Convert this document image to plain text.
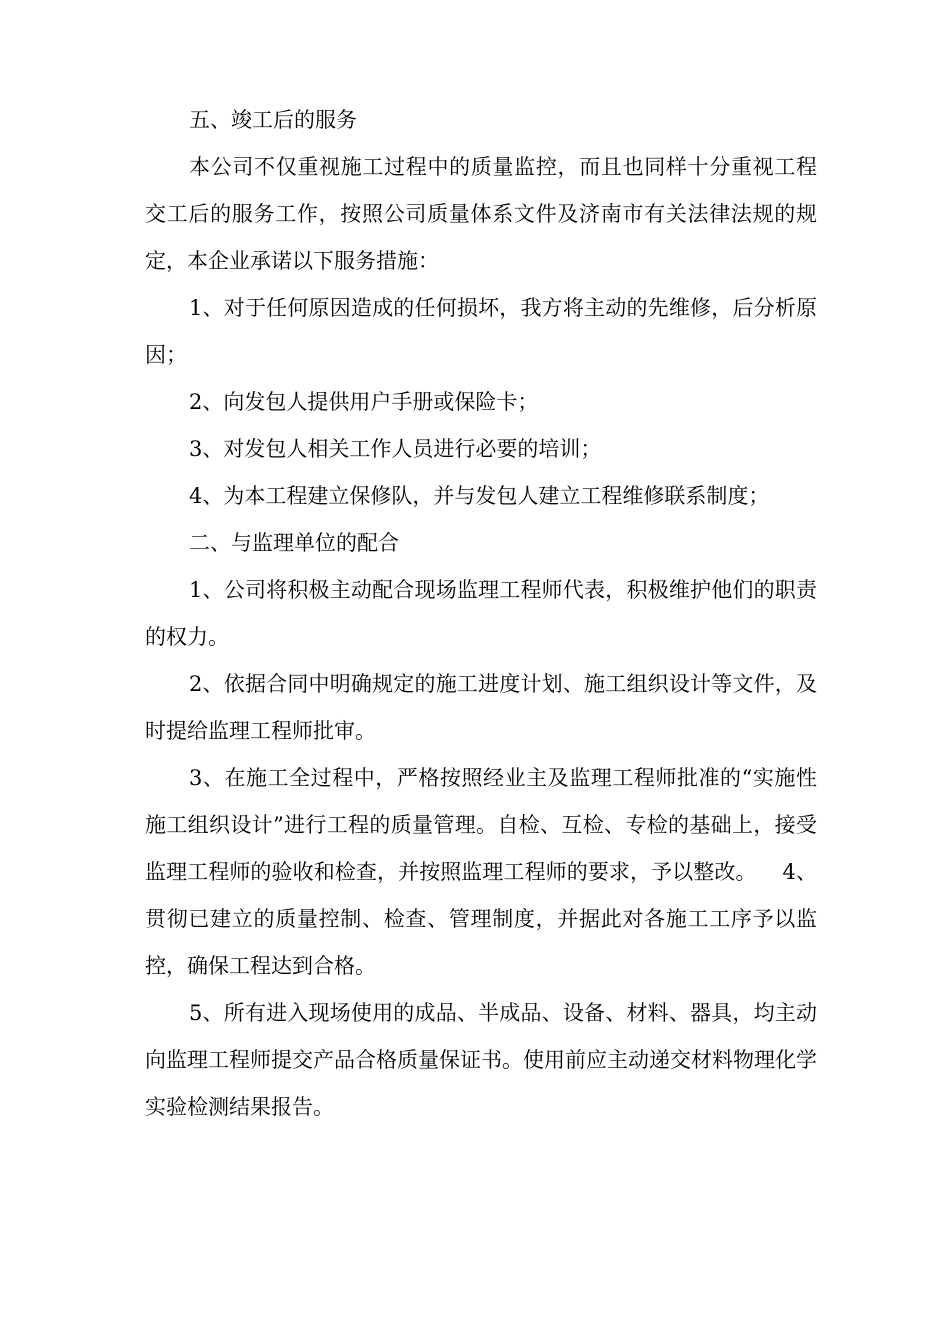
五、竣工后的服务

本公司不仅重视施工过程中的质量监控，而且也同样十分重视工程交工后的服务工作，按照公司质量体系文件及济南市有关法律法规的规定，本企业承诺以下服务措施：

1、对于任何原因造成的任何损坏，我方将主动的先维修，后分析原因；

2、向发包人提供用户手册或保险卡；

3、对发包人相关工作人员进行必要的培训；

4、为本工程建立保修队，并与发包人建立工程维修联系制度；

二、与监理单位的配合

1、公司将积极主动配合现场监理工程师代表，积极维护他们的职责的权力。

2、依据合同中明确规定的施工进度计划、施工组织设计等文件，及时提给监理工程师批审。

3、在施工全过程中，严格按照经业主及监理工程师批准的“实施性施工组织设计”进行工程的质量管理。自检、互检、专检的基础上，接受监理工程师的验收和检查，并按照监理工程师的要求，予以整改。 4、贯彻已建立的质量控制、检查、管理制度，并据此对各施工工序予以监控，确保工程达到合格。

5、所有进入现场使用的成品、半成品、设备、材料、器具，均主动向监理工程师提交产品合格质量保证书。使用前应主动递交材料物理化学实验检测结果报告。
